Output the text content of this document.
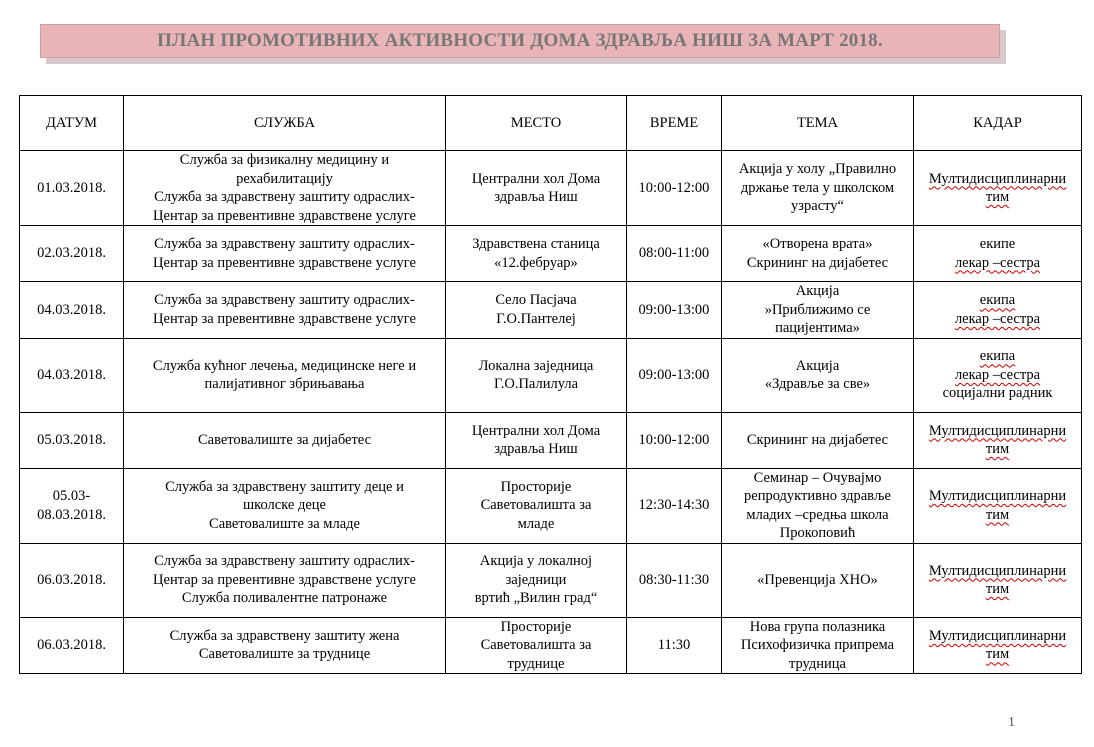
ПЛАН ПРОМОТИВНИХ АКТИВНОСТИ ДОМА ЗДРАВЉА НИШ ЗА МАРТ 2018.
ДАТУМ	СЛУЖБА	МЕСТО	ВРЕМЕ	ТЕМА	КАДАР

01.03.2018.	Служба за физикалну медицину и
рехабилитацију
Служба за здравствену заштиту одраслих-
Центар за превентивне здравствене услуге	Централни хол Дома
здравља Ниш	10:00-12:00	Акција у холу „Правилно
држање тела у школском
узрасту“	Мултидисциплинарни
тим

02.03.2018.	Служба за здравствену заштиту одраслих-
Центар за превентивне здравствене услуге	Здравствена станица
«12.фебруар»	08:00-11:00	«Отворена врата»
Скрининг на дијабетес	екипе
лекар –сестра

04.03.2018.	Служба за здравствену заштиту одраслих-
Центар за превентивне здравствене услуге	Село Пасјача
Г.О.Пантелеј	09:00-13:00	Акција
»Приближимо се
пацијентима»	екипа
лекар –сестра

04.03.2018.	Служба кућног лечења, медицинске неге и
палијативног збрињавања	Локална заједница
Г.О.Палилула	09:00-13:00	Акција
«Здравље за све»	екипа
лекар –сестра
социјални радник

05.03.2018.	Саветовалиште за дијабетес	Централни хол Дома
здравља Ниш	10:00-12:00	Скрининг на дијабетес	Мултидисциплинарни
тим

05.03-
08.03.2018.	Служба за здравствену заштиту деце и
школске деце
Саветовалиште за младе	Просторије
Саветовалишта за
младе	12:30-14:30	Семинар – Очувајмо
репродуктивно здравље
младих –средња школа
Прокоповић	Мултидисциплинарни
тим

06.03.2018.	Служба за здравствену заштиту одраслих-
Центар за превентивне здравствене услуге
Служба поливалентне патронаже	Акција у локалној
заједници
вртић „Вилин град“	08:30-11:30	«Превенција ХНО»	Мултидисциплинарни
тим

06.03.2018.	Служба за здравствену заштиту жена
Саветовалиште за труднице	Просторије
Саветовалишта за
труднице	11:30	Нова група полазника
Психофизичка припрема
трудница	Мултидисциплинарни
тим
1
